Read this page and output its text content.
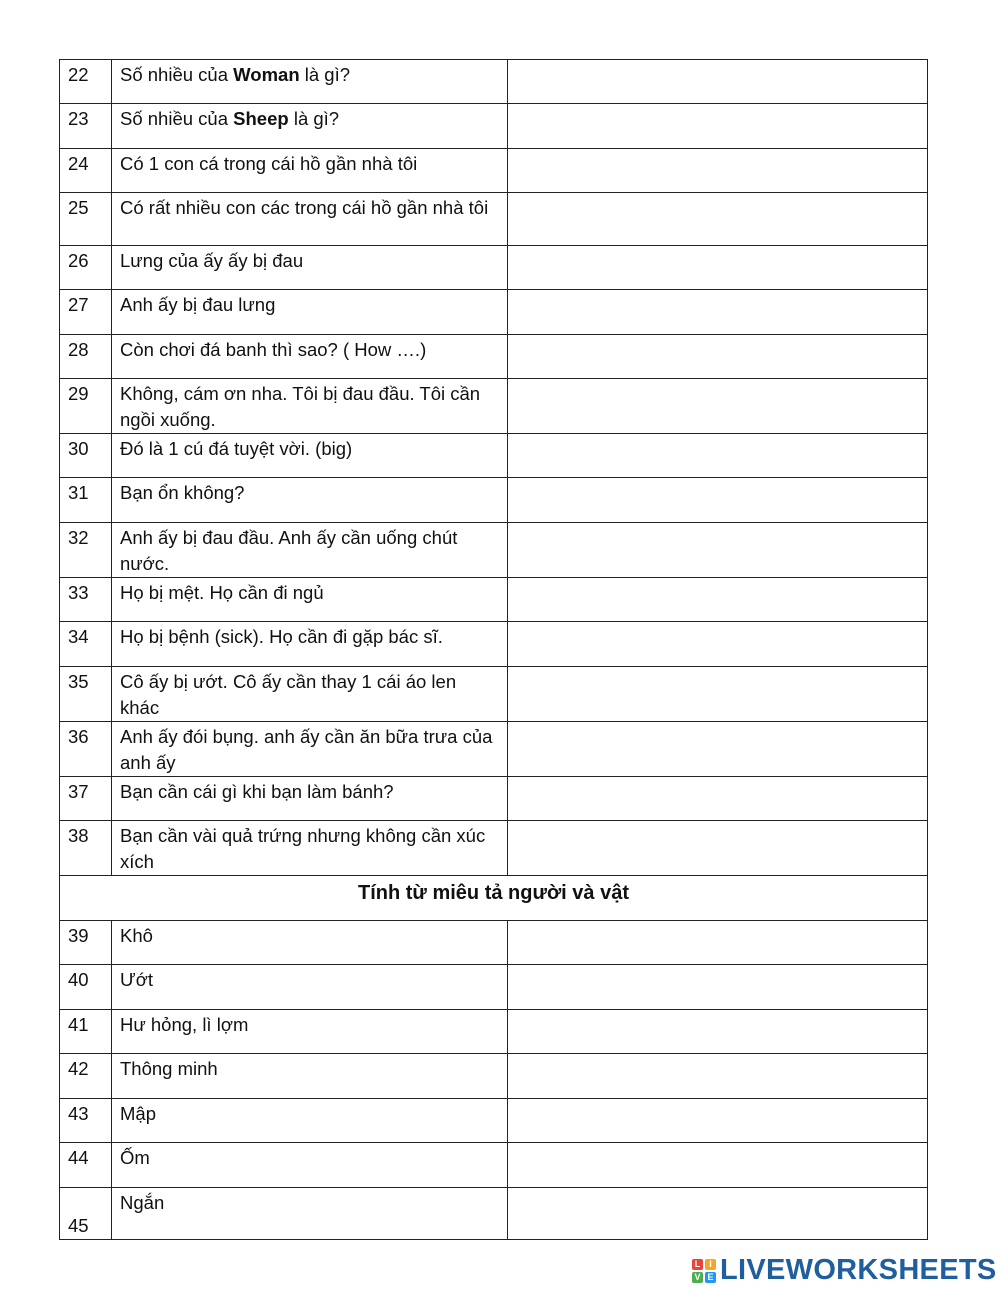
22	Số nhiều của Woman là gì?	
23	Số nhiều của Sheep là gì?	
24	Có 1 con cá trong cái hồ gần nhà tôi	
25	Có rất nhiều con các trong cái hồ gần nhà tôi	
26	Lưng của ấy ấy bị đau	
27	Anh ấy bị đau lưng	
28	Còn chơi đá banh thì sao? ( How ….)	
29	Không, cám ơn nha. Tôi bị đau đầu. Tôi cần ngồi xuống.	
30	Đó là 1 cú đá tuyệt vời. (big)	
31	Bạn ổn không?	
32	Anh ấy bị đau đầu. Anh ấy cần uống chút nước.	
33	Họ bị mệt. Họ cần đi ngủ	
34	Họ bị bệnh (sick). Họ cần đi gặp bác sĩ.	
35	Cô ấy bị ướt. Cô ấy cần thay 1 cái áo len khác	
36	Anh ấy đói bụng. anh ấy cần ăn bữa trưa của anh ấy	
37	Bạn cần cái gì khi bạn làm bánh?	
38	Bạn cần vài quả trứng nhưng không cần xúc xích	
Tính từ miêu tả người và vật		
39	Khô	
40	Ướt	
41	Hư hỏng, lì lợm	
42	Thông minh	
43	Mập	
44	Ốm	
45	Ngắn	
L I
V E LIVEWORKSHEETS
